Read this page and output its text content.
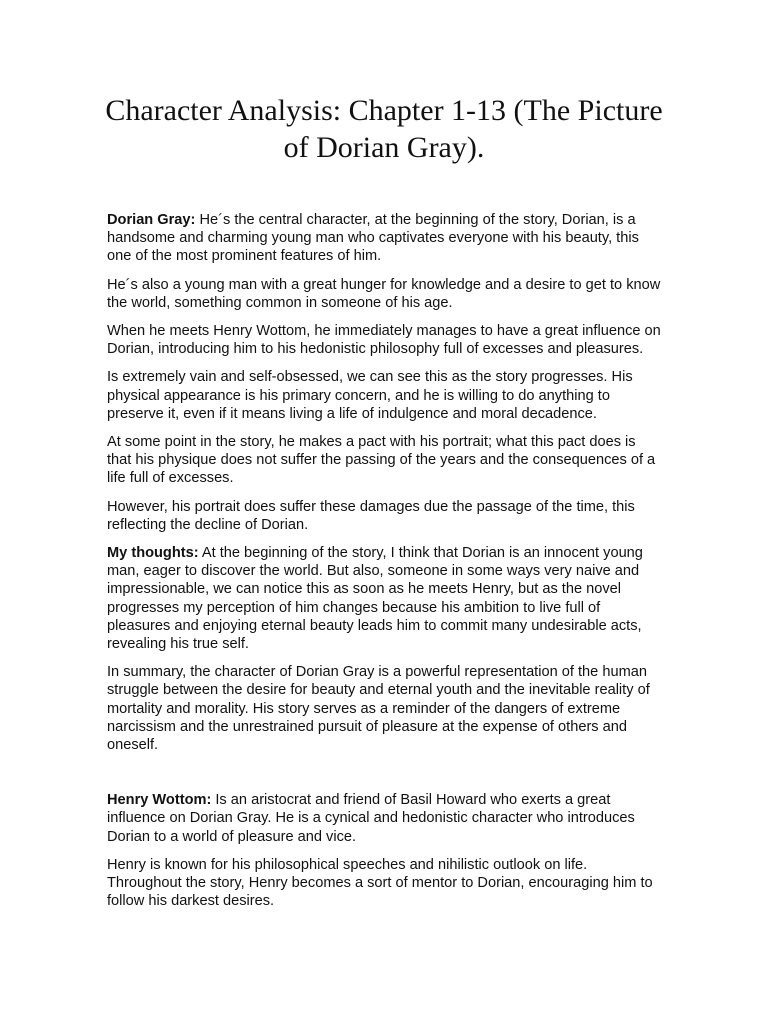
Character Analysis: Chapter 1-13 (The Picture of Dorian Gray).

Dorian Gray: He´s the central character, at the beginning of the story, Dorian, is a handsome and charming young man who captivates everyone with his beauty, this one of the most prominent features of him.

He´s also a young man with a great hunger for knowledge and a desire to get to know the world, something common in someone of his age.

When he meets Henry Wottom, he immediately manages to have a great influence on Dorian, introducing him to his hedonistic philosophy full of excesses and pleasures.

Is extremely vain and self-obsessed, we can see this as the story progresses. His physical appearance is his primary concern, and he is willing to do anything to preserve it, even if it means living a life of indulgence and moral decadence.

At some point in the story, he makes a pact with his portrait; what this pact does is that his physique does not suffer the passing of the years and the consequences of a life full of excesses.

However, his portrait does suffer these damages due the passage of the time, this reflecting the decline of Dorian.

My thoughts: At the beginning of the story, I think that Dorian is an innocent young man, eager to discover the world. But also, someone in some ways very naive and impressionable, we can notice this as soon as he meets Henry, but as the novel progresses my perception of him changes because his ambition to live full of pleasures and enjoying eternal beauty leads him to commit many undesirable acts, revealing his true self.

In summary, the character of Dorian Gray is a powerful representation of the human struggle between the desire for beauty and eternal youth and the inevitable reality of mortality and morality. His story serves as a reminder of the dangers of extreme narcissism and the unrestrained pursuit of pleasure at the expense of others and oneself.

Henry Wottom: Is an aristocrat and friend of Basil Howard who exerts a great influence on Dorian Gray. He is a cynical and hedonistic character who introduces Dorian to a world of pleasure and vice.

Henry is known for his philosophical speeches and nihilistic outlook on life. Throughout the story, Henry becomes a sort of mentor to Dorian, encouraging him to follow his darkest desires.
